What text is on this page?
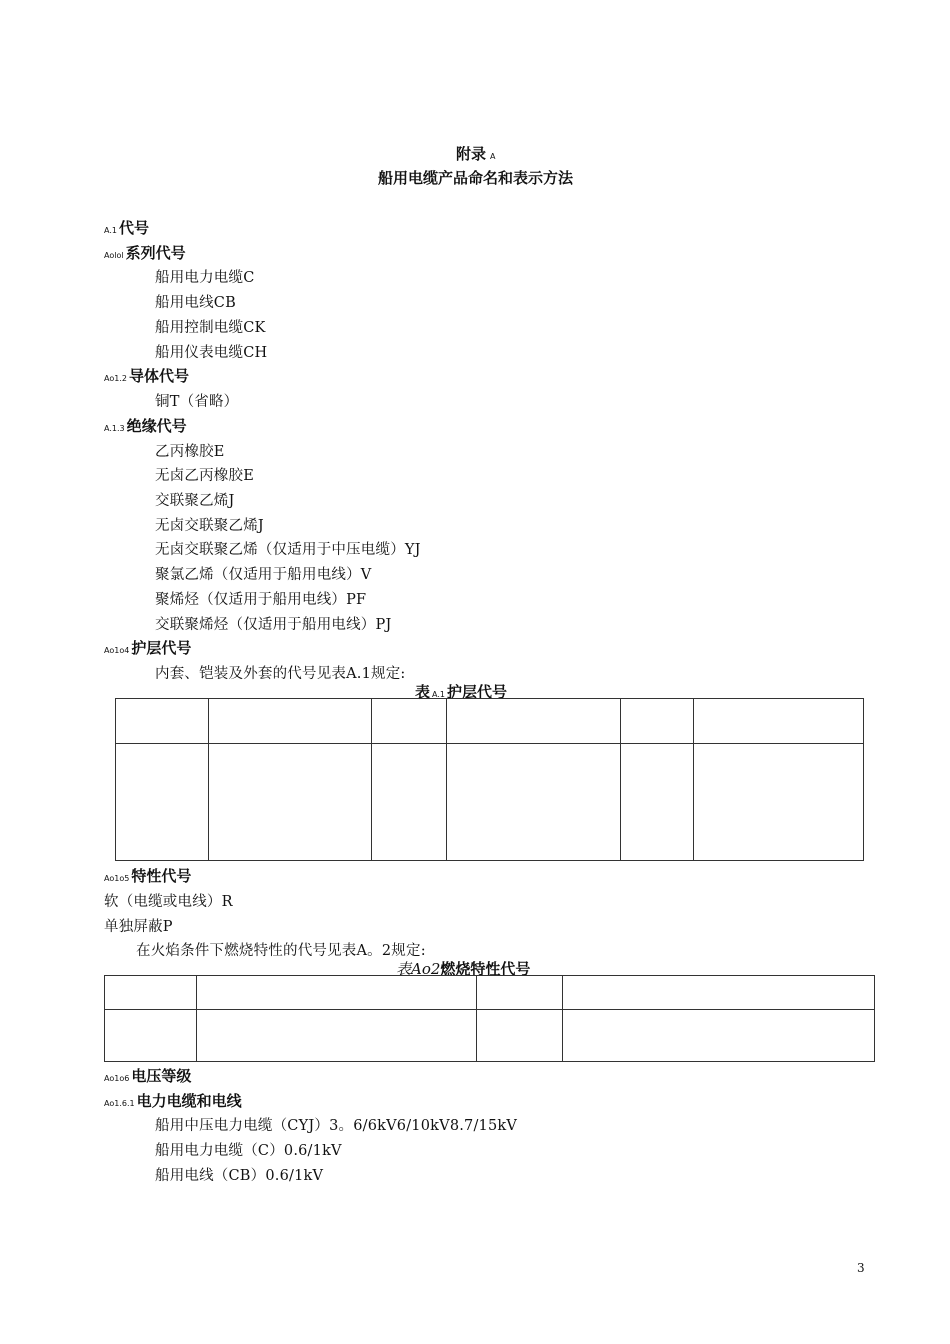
附录 A
船用电缆产品命名和表示方法
A.1 代号
Aolol 系列代号
船用电力电缆C
船用电线CB
船用控制电缆CK
船用仪表电缆CH
Ao1.2 导体代号
铜T（省略）
A.1.3 绝缘代号
乙丙橡胶E
无卤乙丙橡胶E
交联聚乙烯J
无卤交联聚乙烯J
无卤交联聚乙烯（仅适用于中压电缆）YJ
聚氯乙烯（仅适用于船用电线）V
聚烯烃（仅适用于船用电线）PF
交联聚烯烃（仅适用于船用电线）PJ
Ao1o4 护层代号
内套、铠装及外套的代号见表A.1规定:
表 A.1 护层代号

Ao1o5 特性代号
软（电缆或电线）R
单独屏蔽P
在火焰条件下燃烧特性的代号见表A。2规定:
表Ao2燃烧特性代号

Ao1o6 电压等级
Ao1.6.1 电力电缆和电线
船用中压电力电缆（CYJ）3。6/6kV6/10kV8.7/15kV
船用电力电缆（C）0.6/1kV
船用电线（CB）0.6/1kV
3
